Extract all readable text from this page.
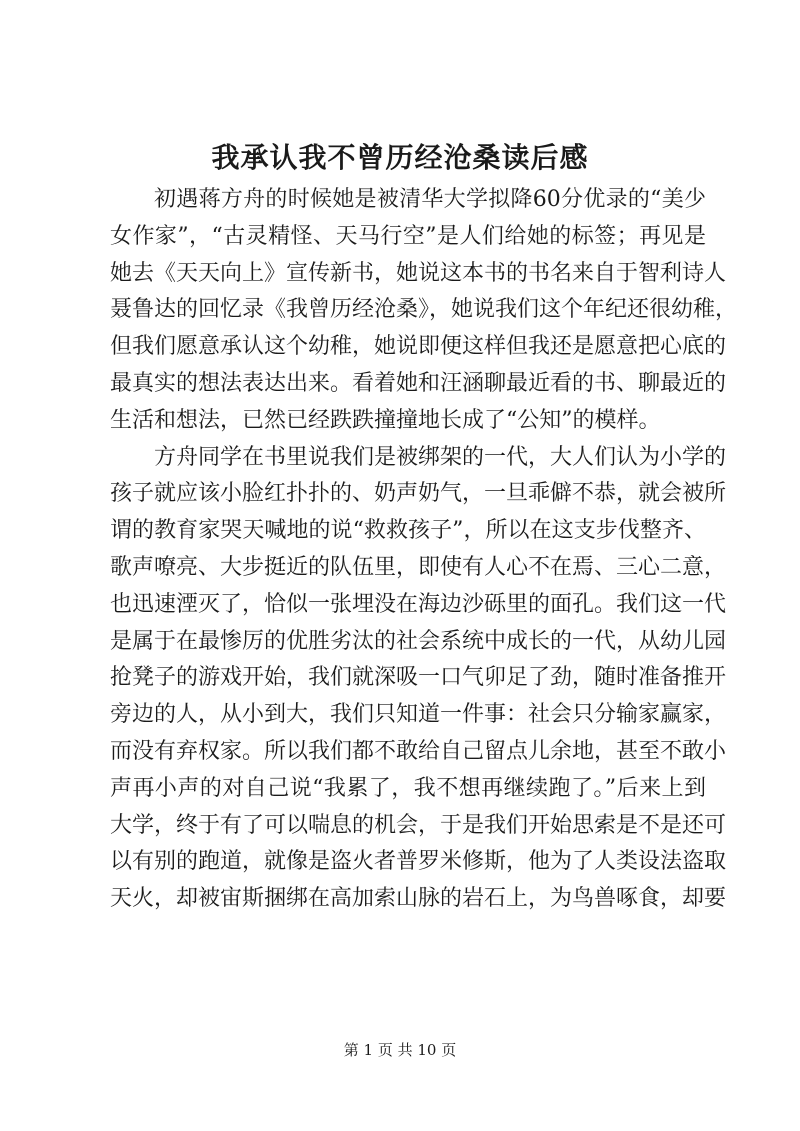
我承认我不曾历经沧桑读后感

初遇蒋方舟的时候她是被清华大学拟降60分优录的“美少
女作家”，“古灵精怪、天马行空”是人们给她的标签；再见是
她去《天天向上》宣传新书，她说这本书的书名来自于智利诗人
聂鲁达的回忆录《我曾历经沧桑》，她说我们这个年纪还很幼稚，
但我们愿意承认这个幼稚，她说即便这样但我还是愿意把心底的
最真实的想法表达出来。看着她和汪涵聊最近看的书、聊最近的
生活和想法，已然已经跌跌撞撞地长成了“公知”的模样。

方舟同学在书里说我们是被绑架的一代，大人们认为小学的
孩子就应该小脸红扑扑的、奶声奶气，一旦乖僻不恭，就会被所
谓的教育家哭天喊地的说“救救孩子”，所以在这支步伐整齐、
歌声嘹亮、大步挺近的队伍里，即使有人心不在焉、三心二意，
也迅速湮灭了，恰似一张埋没在海边沙砾里的面孔。我们这一代
是属于在最惨厉的优胜劣汰的社会系统中成长的一代，从幼儿园
抢凳子的游戏开始，我们就深吸一口气卯足了劲，随时准备推开
旁边的人，从小到大，我们只知道一件事：社会只分输家赢家，
而没有弃权家。所以我们都不敢给自己留点儿余地，甚至不敢小
声再小声的对自己说“我累了，我不想再继续跑了。”后来上到
大学，终于有了可以喘息的机会，于是我们开始思索是不是还可
以有别的跑道，就像是盗火者普罗米修斯，他为了人类设法盗取
天火，却被宙斯捆绑在高加索山脉的岩石上，为鸟兽啄食，却要

第 1 页 共 10 页
